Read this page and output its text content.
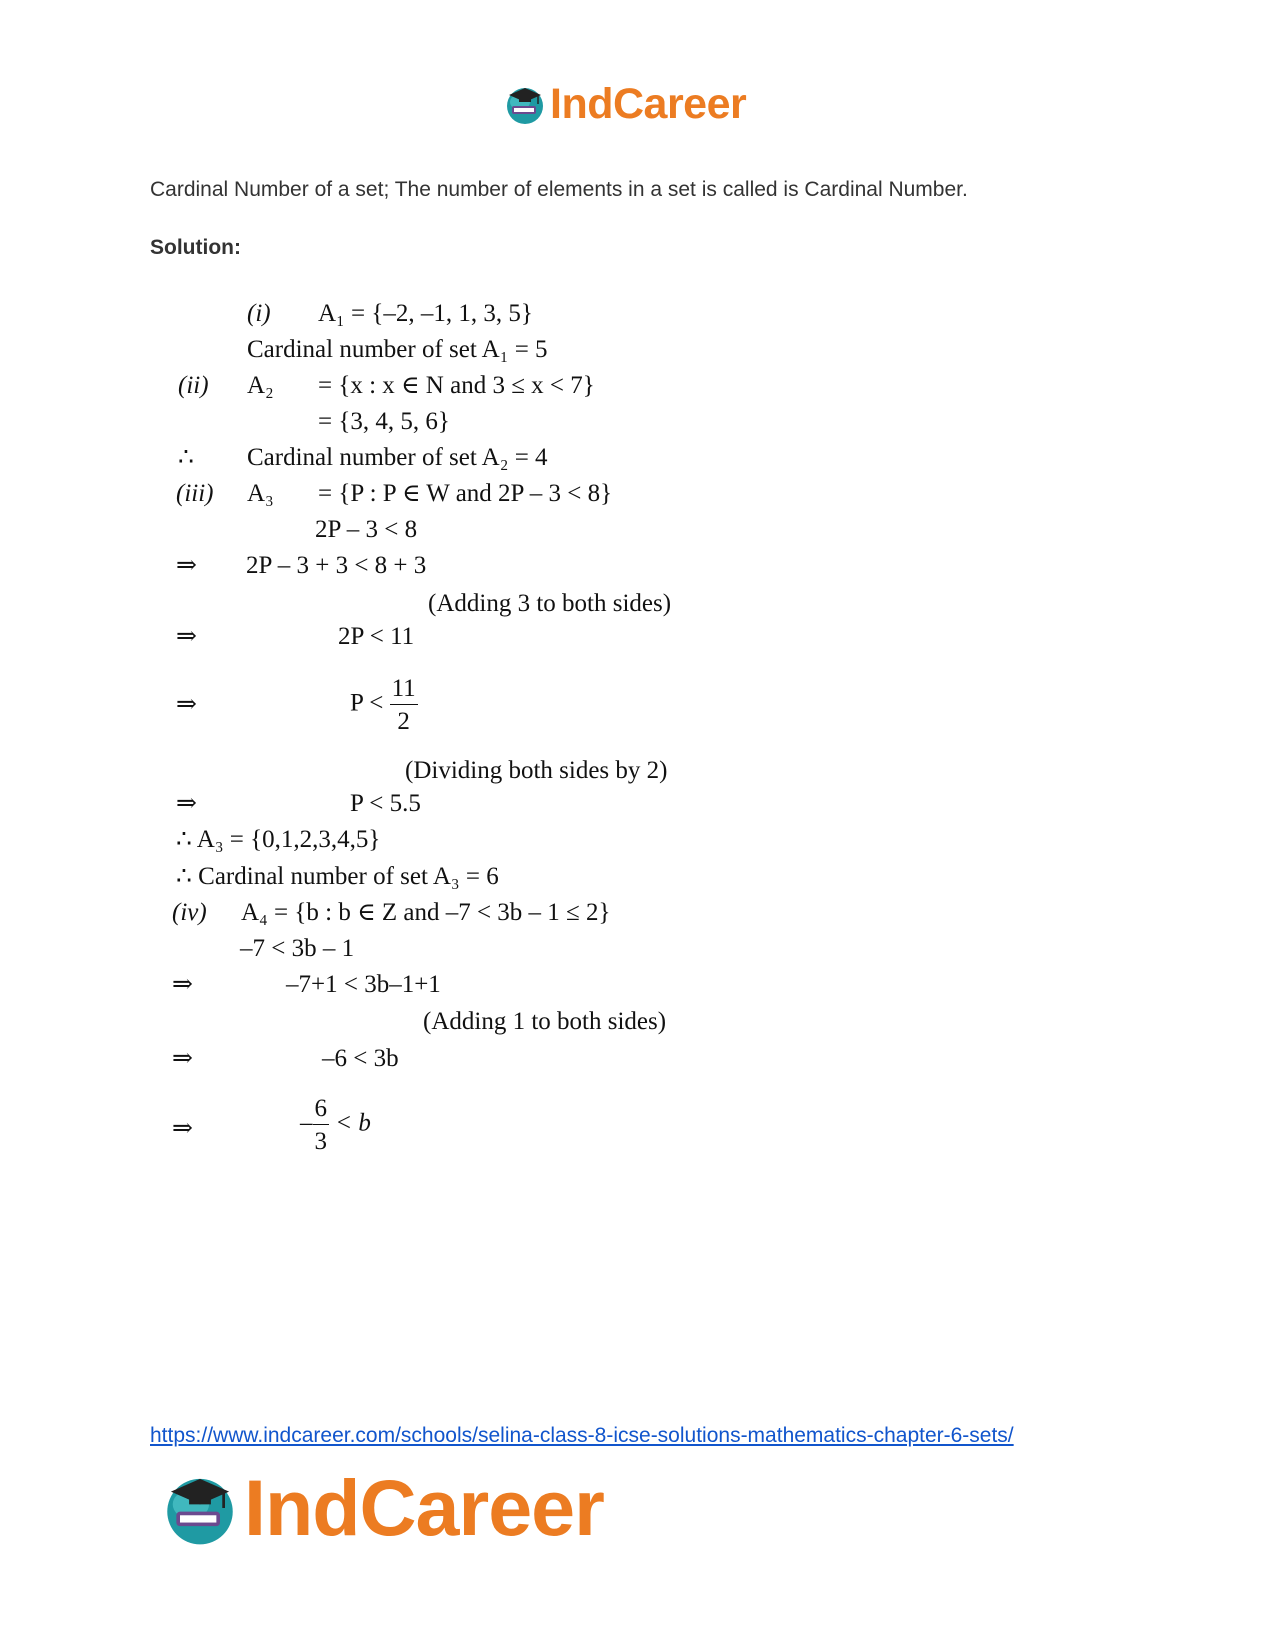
IndCareer
Cardinal Number of a set; The number of elements in a set is called is Cardinal Number.
Solution:
(i) A₁ = {–2, –1, 1, 3, 5}
Cardinal number of set A₁ = 5
(ii) A₂ = {x : x ∈ N and 3 ≤ x < 7}
= {3, 4, 5, 6}
∴ Cardinal number of set A₂ = 4
(iii) A₃ = {P : P ∈ W and 2P – 3 < 8}
2P – 3 < 8
⇒ 2P – 3 + 3 < 8 + 3
(Adding 3 to both sides)
⇒	2P < 11
⇒	$P < \frac{11}{2}$
(Dividing both sides by 2)
⇒	P < 5.5
∴ A₃ = {0,1,2,3,4,5}
∴ Cardinal number of set A₃ = 6
(iv) A₄ = {b : b ∈ Z and –7 < 3b – 1 ≤ 2}
–7 < 3b – 1
⇒	–7+1 < 3b–1+1
(Adding 1 to both sides)
⇒	–6 < 3b
⇒	– $\frac{6}{3} < b$
https://www.indcareer.com/schools/selina-class-8-icse-solutions-mathematics-chapter-6-sets/
IndCareer
